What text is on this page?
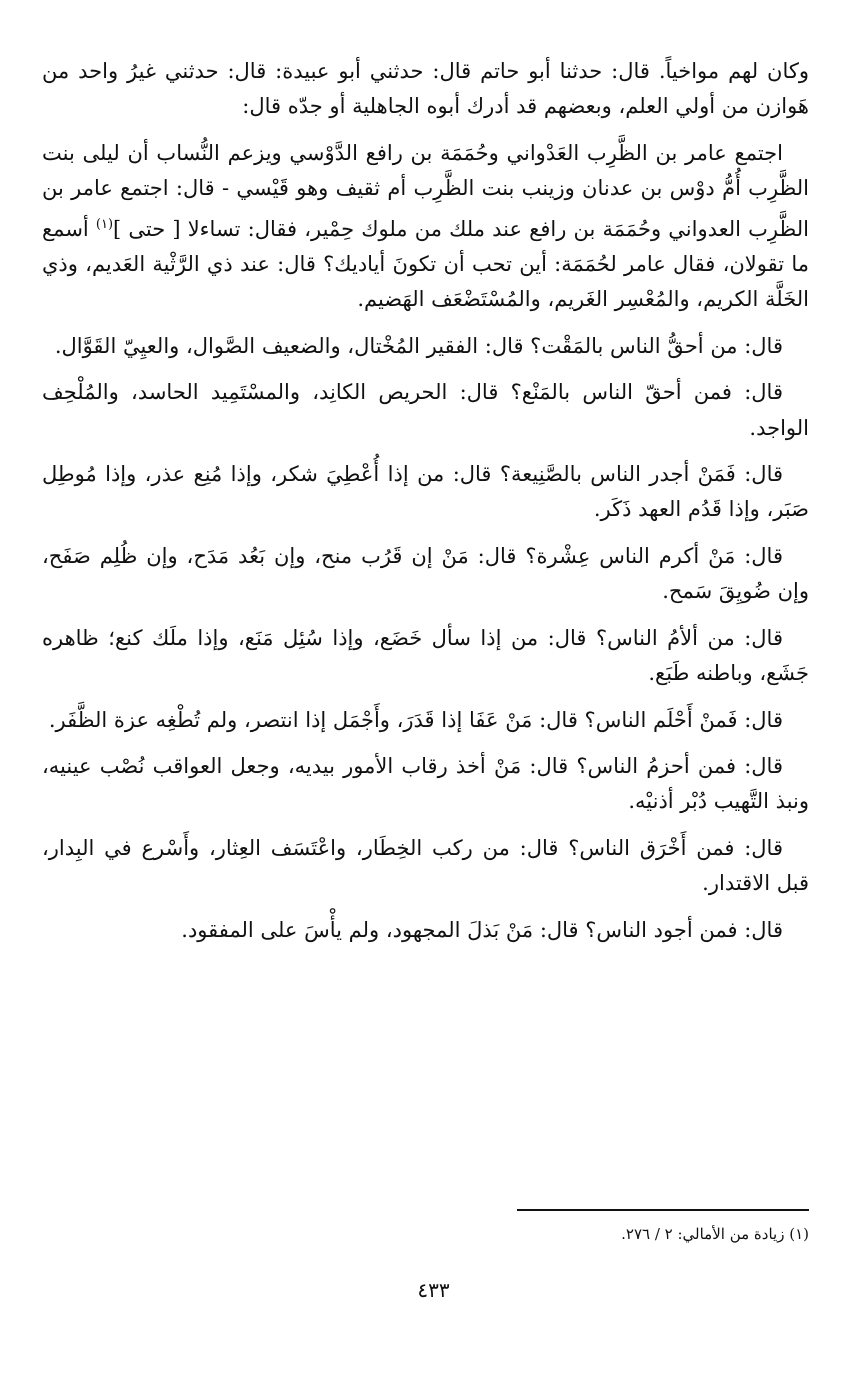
وكان لهم مواخياً. قال: حدثنا أبو حاتم قال: حدثني أبو عبيدة: قال: حدثني غيرُ واحد من هَوازن من أولي العلم، وبعضهم قد أدرك أبوه الجاهلية أو جدّه قال:

اجتمع عامر بن الظَّرِب العَدْواني وحُمَمَة بن رافع الدَّوْسي ويزعم النُّساب أن ليلى بنت الظَّرِب أُمُّ دوْس بن عدنان وزينب بنت الظَّرِب أم ثقيف وهو قَيْسي - قال: اجتمع عامر بن الظَّرِب العدواني وحُمَمَة بن رافع عند ملك من ملوك حِمْير، فقال: تساءلا [ حتى ]$^{(١)}$ أسمع ما تقولان، فقال عامر لحُمَمَة: أين تحب أن تكونَ أياديك؟ قال: عند ذي الرَّثْية العَديم، وذي الخَلَّة الكريم، والمُعْسِر الغَريم، والمُسْتَضْعَف الهَضيم.

قال: من أحقُّ الناس بالمَقْت؟ قال: الفقير المُخْتال، والضعيف الصَّوال، والعيِيّ القَوَّال.

قال: فمن أحقّ الناس بالمَنْع؟ قال: الحريص الكانِد، والمسْتَمِيد الحاسد، والمُلْحِف الواجد.

قال: فَمَنْ أجدر الناس بالصَّنِيعة؟ قال: من إذا أُعْطِيَ شكر، وإذا مُنِع عذر، وإذا مُوطِل صَبَر، وإذا قَدُم العهد ذَكَر.

قال: مَنْ أكرم الناس عِشْرة؟ قال: مَنْ إن قَرُب منح، وإن بَعُد مَدَح، وإن ظُلِم صَفَح، وإن ضُويِقَ سَمح.

قال: من ألأمُ الناس؟ قال: من إذا سأل خَضَع، وإذا سُئِل مَنَع، وإذا ملَك كنع؛ ظاهره جَشَع، وباطنه طَبَع.

قال: فَمنْ أَحْلَم الناس؟ قال: مَنْ عَفَا إذا قَدَرَ، وأَجْمَل إذا انتصر، ولم تُطْغِه عزة الظَّفَر.

قال: فمن أحزمُ الناس؟ قال: مَنْ أخذ رقاب الأمور بيديه، وجعل العواقب نُصْب عينيه، ونبذ التَّهيب دُبْر أذنيْه.

قال: فمن أَخْرَق الناس؟ قال: من ركب الخِطَار، واعْتَسَف العِثار، وأَسْرع في البِدار، قبل الاقتدار.

قال: فمن أجود الناس؟ قال: مَنْ بَذلَ المجهود، ولم يأْسَ على المفقود.

(١) زيادة من الأمالي: ٢ / ٢٧٦.
٤٣٣
